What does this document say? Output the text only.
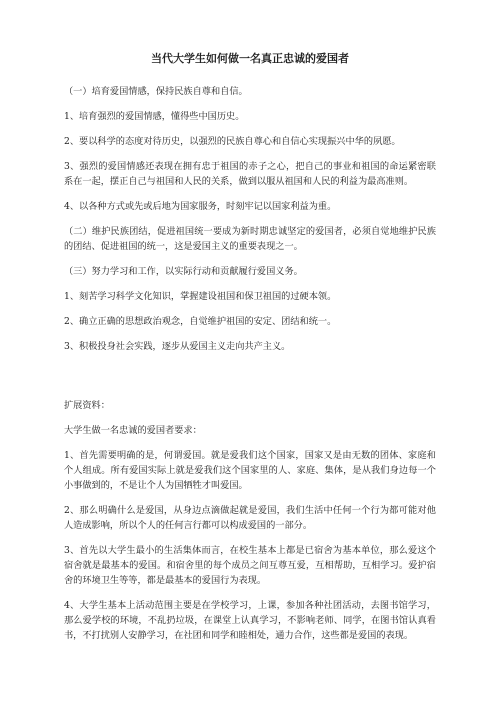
当代大学生如何做一名真正忠诚的爱国者

（一）培育爱国情感，保持民族自尊和自信。

1、培育强烈的爱国情感，懂得些中国历史。

2、要以科学的态度对待历史，以强烈的民族自尊心和自信心实现振兴中华的夙愿。

3、强烈的爱国情感还表现在拥有忠于祖国的赤子之心，把自己的事业和祖国的命运紧密联系在一起，摆正自己与祖国和人民的关系，做到以服从祖国和人民的利益为最高准则。

4、以各种方式或先或后地为国家服务，时刻牢记以国家利益为重。

（二）维护民族团结，促进祖国统一要成为新时期忠诚坚定的爱国者，必须自觉地维护民族的团结、促进祖国的统一，这是爱国主义的重要表现之一。

（三）努力学习和工作，以实际行动和贡献履行爱国义务。

1、刻苦学习科学文化知识，掌握建设祖国和保卫祖国的过硬本领。

2、确立正确的思想政治观念，自觉维护祖国的安定、团结和统一。

3、积极投身社会实践，逐步从爱国主义走向共产主义。

扩展资料：

大学生做一名忠诚的爱国者要求：

1、首先需要明确的是，何谓爱国。就是爱我们这个国家，国家又是由无数的团体、家庭和个人组成。所有爱国实际上就是爱我们这个国家里的人、家庭、集体，是从我们身边每一个小事做到的，不是让个人为国牺牲才叫爱国。

2、那么明确什么是爱国，从身边点滴做起就是爱国，我们生活中任何一个行为都可能对他人造成影响，所以个人的任何言行都可以构成爱国的一部分。

3、首先以大学生最小的生活集体而言，在校生基本上都是已宿舍为基本单位，那么爱这个宿舍就是最基本的爱国。和宿舍里的每个成员之间互尊互爱，互相帮助，互相学习。爱护宿舍的环境卫生等等，都是最基本的爱国行为表现。

4、大学生基本上活动范围主要是在学校学习，上课，参加各种社团活动，去图书馆学习，那么爱学校的环境，不乱扔垃圾，在课堂上认真学习，不影响老师、同学，在图书馆认真看书，不打扰别人安静学习，在社团和同学和睦相处，通力合作，这些都是爱国的表现。
